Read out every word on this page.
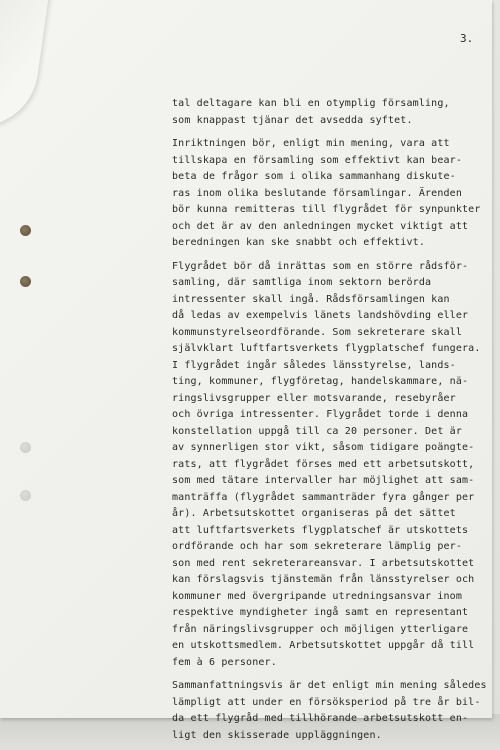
3.
tal deltagare kan bli en otymplig församling,
som knappast tjänar det avsedda syftet.
Inriktningen bör, enligt min mening, vara att
tillskapa en församling som effektivt kan bear-
beta de frågor som i olika sammanhang diskute-
ras inom olika beslutande församlingar. Ärenden
bör kunna remitteras till flygrådet för synpunkter
och det är av den anledningen mycket viktigt att
beredningen kan ske snabbt och effektivt.
Flygrådet bör då inrättas som en större rådsför-
samling, där samtliga inom sektorn berörda
intressenter skall ingå. Rådsförsamlingen kan
då ledas av exempelvis länets landshövding eller
kommunstyrelseordförande. Som sekreterare skall
självklart luftfartsverkets flygplatschef fungera.
I flygrådet ingår således länsstyrelse, lands-
ting, kommuner, flygföretag, handelskammare, nä-
ringslivsgrupper eller motsvarande, resebyråer
och övriga intressenter. Flygrådet torde i denna
konstellation uppgå till ca 20 personer. Det är
av synnerligen stor vikt, såsom tidigare poängte-
rats, att flygrådet förses med ett arbetsutskott,
som med tätare intervaller har möjlighet att sam-
manträffa (flygrådet sammanträder fyra gånger per
år). Arbetsutskottet organiseras på det sättet
att luftfartsverkets flygplatschef är utskottets
ordförande och har som sekreterare lämplig per-
son med rent sekreterareansvar. I arbetsutskottet
kan förslagsvis tjänstemän från länsstyrelser och
kommuner med övergripande utredningsansvar inom
respektive myndigheter ingå samt en representant
från näringslivsgrupper och möjligen ytterligare
en utskottsmedlem. Arbetsutskottet uppgår då till
fem à 6 personer.
Sammanfattningsvis är det enligt min mening således
lämpligt att under en försöksperiod på tre år bil-
da ett flygråd med tillhörande arbetsutskott en-
ligt den skisserade uppläggningen.
